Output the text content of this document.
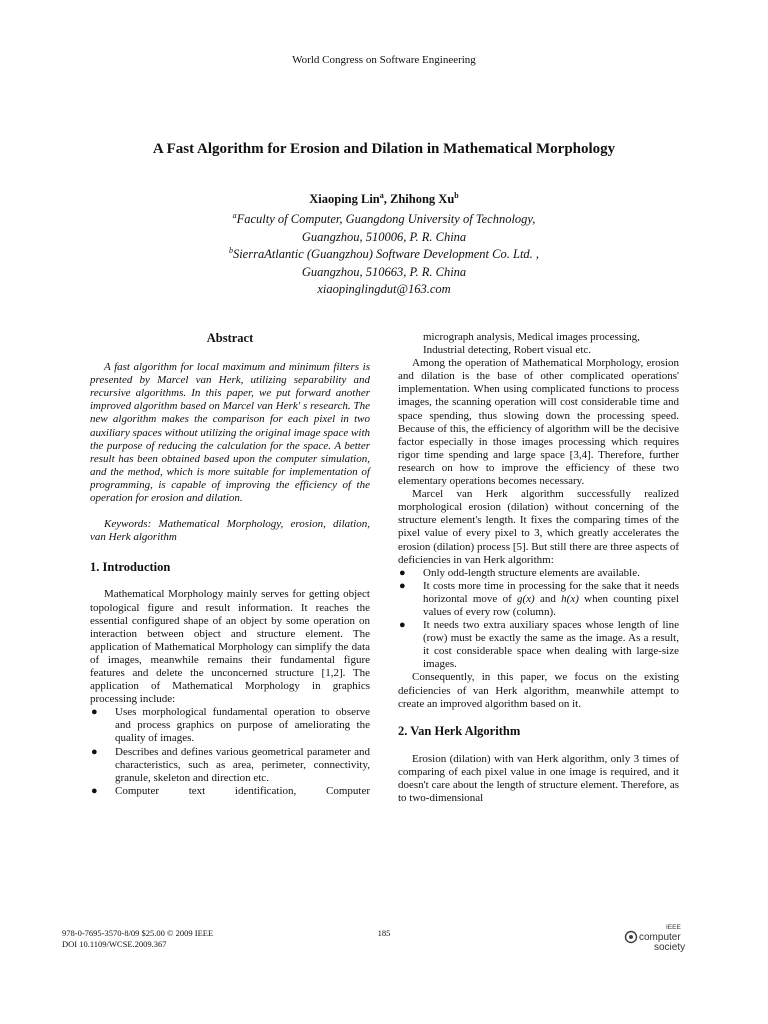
World Congress on Software Engineering
A Fast Algorithm for Erosion and Dilation in Mathematical Morphology
Xiaoping Lin$^a$, Zhihong Xu$^b$
$^a$Faculty of Computer, Guangdong University of Technology,
Guangzhou, 510006, P. R. China
$^b$SierraAtlantic (Guangzhou) Software Development Co. Ltd. ,
Guangzhou, 510663, P. R. China
xiaopinglingdut@163.com
Abstract
A fast algorithm for local maximum and minimum filters is presented by Marcel van Herk, utilizing separability and recursive algorithms. In this paper, we put forward another improved algorithm based on Marcel van Herk' s research. The new algorithm makes the comparison for each pixel in two auxiliary spaces without utilizing the original image space with the purpose of reducing the calculation for the space. A better result has been obtained based upon the computer simulation, and the method, which is more suitable for implementation of programming, is capable of improving the efficiency of the operation for erosion and dilation.
Keywords: Mathematical Morphology, erosion, dilation, van Herk algorithm
1. Introduction
Mathematical Morphology mainly serves for getting object topological figure and result information. It reaches the essential configured shape of an object by some operation on interaction between object and structure element. The application of Mathematical Morphology can simplify the data of images, meanwhile remains their fundamental figure features and delete the unconcerned structure [1,2]. The application of Mathematical Morphology in graphics processing include:
● Uses morphological fundamental operation to observe and process graphics on purpose of ameliorating the quality of images.
● Describes and defines various geometrical parameter and characteristics, such as area, perimeter, connectivity, granule, skeleton and direction etc.
● Computer text identification, Computer
micrograph analysis, Medical images processing,
Industrial detecting, Robert visual etc.
Among the operation of Mathematical Morphology, erosion and dilation is the base of other complicated operations' implementation. When using complicated functions to process images, the scanning operation will cost considerable time and space spending, thus slowing down the processing speed. Because of this, the efficiency of algorithm will be the decisive factor especially in those images processing which requires rigor time spending and large space [3,4]. Therefore, further research on how to improve the efficiency of these two elementary operations becomes necessary.
Marcel van Herk algorithm successfully realized morphological erosion (dilation) without concerning of the structure element's length. It fixes the comparing times of the pixel value of every pixel to 3, which greatly accelerates the erosion (dilation) process [5]. But still there are three aspects of deficiencies in van Herk algorithm:
● Only odd-length structure elements are available.
● It costs more time in processing for the sake that it needs horizontal move of g(x) and h(x) when counting pixel values of every row (column).
● It needs two extra auxiliary spaces whose length of line (row) must be exactly the same as the image. As a result, it cost considerable space when dealing with large-size images.
Consequently, in this paper, we focus on the existing deficiencies of van Herk algorithm, meanwhile attempt to create an improved algorithm based on it.
2. Van Herk Algorithm
Erosion (dilation) with van Herk algorithm, only 3 times of comparing of each pixel value in one image is required, and it doesn't care about the length of structure element. Therefore, as to two-dimensional
978-0-7695-3570-8/09 $25.00 © 2009 IEEE
DOI 10.1109/WCSE.2009.367
185
IEEE
computer
society
